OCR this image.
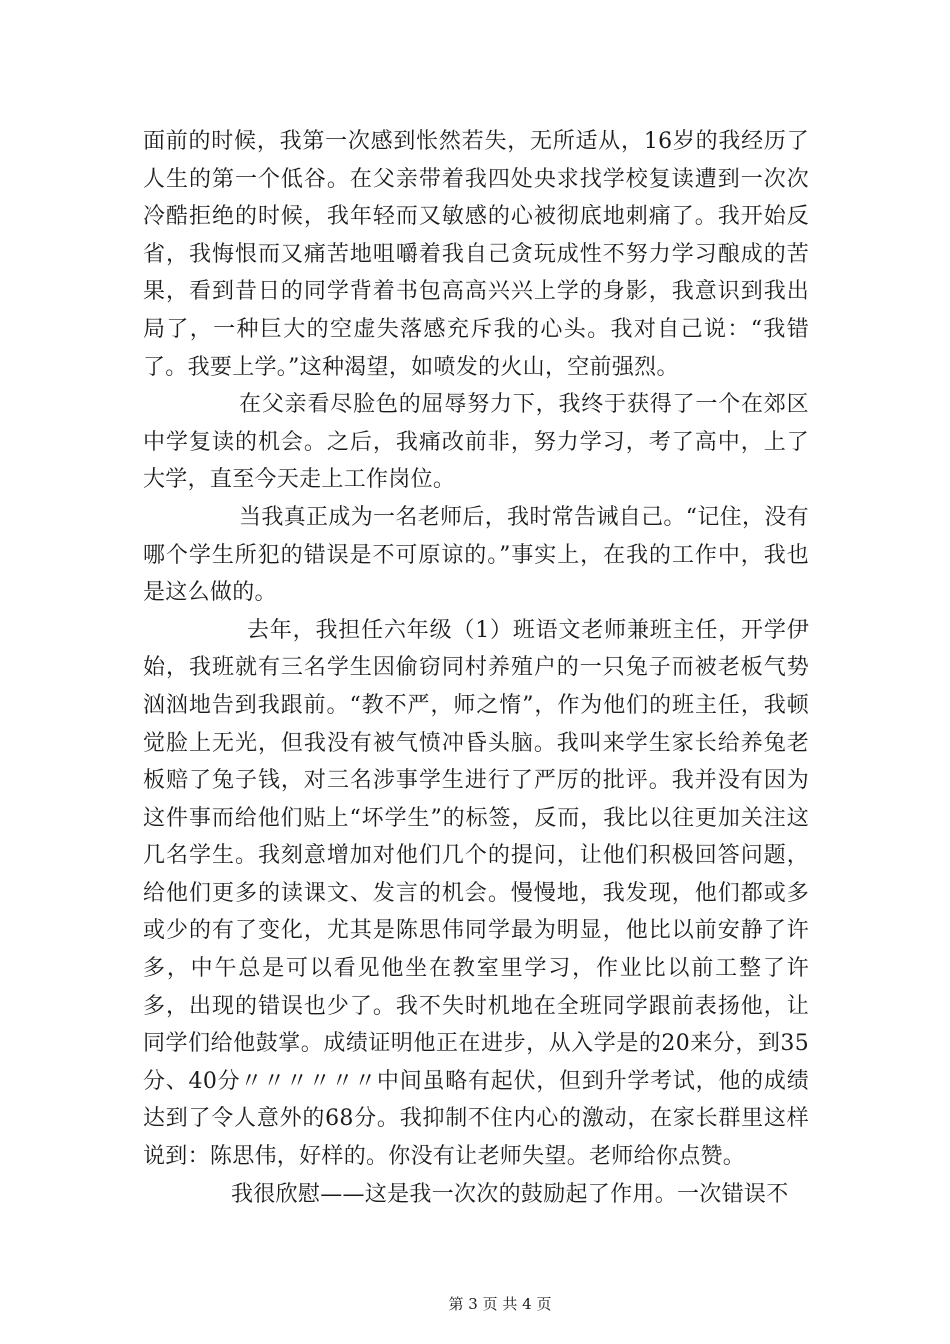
面前的时候，我第一次感到怅然若失，无所适从，16岁的我经历了人生的第一个低谷。在父亲带着我四处央求找学校复读遭到一次次冷酷拒绝的时候，我年轻而又敏感的心被彻底地刺痛了。我开始反省，我悔恨而又痛苦地咀嚼着我自己贪玩成性不努力学习酿成的苦果，看到昔日的同学背着书包高高兴兴上学的身影，我意识到我出局了，一种巨大的空虚失落感充斥我的心头。我对自己说：“我错了。我要上学。”这种渴望，如喷发的火山，空前强烈。

在父亲看尽脸色的屈辱努力下，我终于获得了一个在郊区中学复读的机会。之后，我痛改前非，努力学习，考了高中，上了大学，直至今天走上工作岗位。

当我真正成为一名老师后，我时常告诫自己。“记住，没有哪个学生所犯的错误是不可原谅的。”事实上，在我的工作中，我也是这么做的。

去年，我担任六年级（1）班语文老师兼班主任，开学伊始，我班就有三名学生因偷窃同村养殖户的一只兔子而被老板气势汹汹地告到我跟前。“教不严，师之惰”，作为他们的班主任，我顿觉脸上无光，但我没有被气愤冲昏头脑。我叫来学生家长给养兔老板赔了兔子钱，对三名涉事学生进行了严厉的批评。我并没有因为这件事而给他们贴上“坏学生”的标签，反而，我比以往更加关注这几名学生。我刻意增加对他们几个的提问，让他们积极回答问题，给他们更多的读课文、发言的机会。慢慢地，我发现，他们都或多或少的有了变化，尤其是陈思伟同学最为明显，他比以前安静了许多，中午总是可以看见他坐在教室里学习，作业比以前工整了许多，出现的错误也少了。我不失时机地在全班同学跟前表扬他，让同学们给他鼓掌。成绩证明他正在进步，从入学是的20来分，到35分、40分〃〃〃〃〃〃中间虽略有起伏，但到升学考试，他的成绩达到了令人意外的68分。我抑制不住内心的激动，在家长群里这样说到：陈思伟，好样的。你没有让老师失望。老师给你点赞。

我很欣慰——这是我一次次的鼓励起了作用。一次错误不

第 3 页 共 4 页
